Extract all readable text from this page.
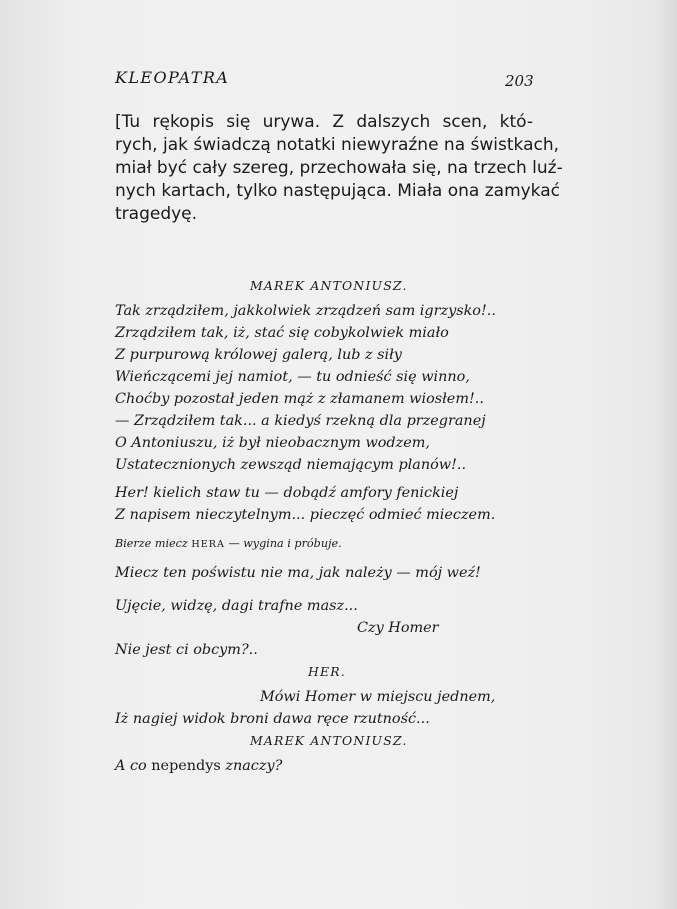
KLEOPATRA	203
[Tu rękopis się urywa. Z dalszych scen, któ-
rych, jak świadczą notatki niewyraźne na świstkach,
miał być cały szereg, przechowała się, na trzech luź-
nych kartach, tylko następująca. Miała ona zamykać
tragedyę.
MAREK ANTONIUSZ.
Tak zrządziłem, jakkolwiek zrządzeń sam igrzysko!..
Zrządziłem tak, iż, stać się cobykolwiek miało
Z purpurową królowej galerą, lub z siły
Wieńczącemi jej namiot, — tu odnieść się winno,
Choćby pozostał jeden mąż z złamanem wiosłem!..
— Zrządziłem tak... a kiedyś rzekną dla przegranej
O Antoniuszu, iż był nieobacznym wodzem,
Ustatecznionych zewsząd niemającym planów!..
Her! kielich staw tu — dobądź amfory fenickiej
Z napisem nieczytelnym... pieczęć odmieć mieczem.
Bierze miecz HERA — wygina i próbuje.
Miecz ten poświstu nie ma, jak należy — mój weź!
Ujęcie, widzę, dagi trafne masz...
Czy Homer
Nie jest ci obcym?..
HER.
Mówi Homer w miejscu jednem,
Iż nagiej widok broni dawa ręce rzutność...
MAREK ANTONIUSZ.
A co nependys znaczy?
